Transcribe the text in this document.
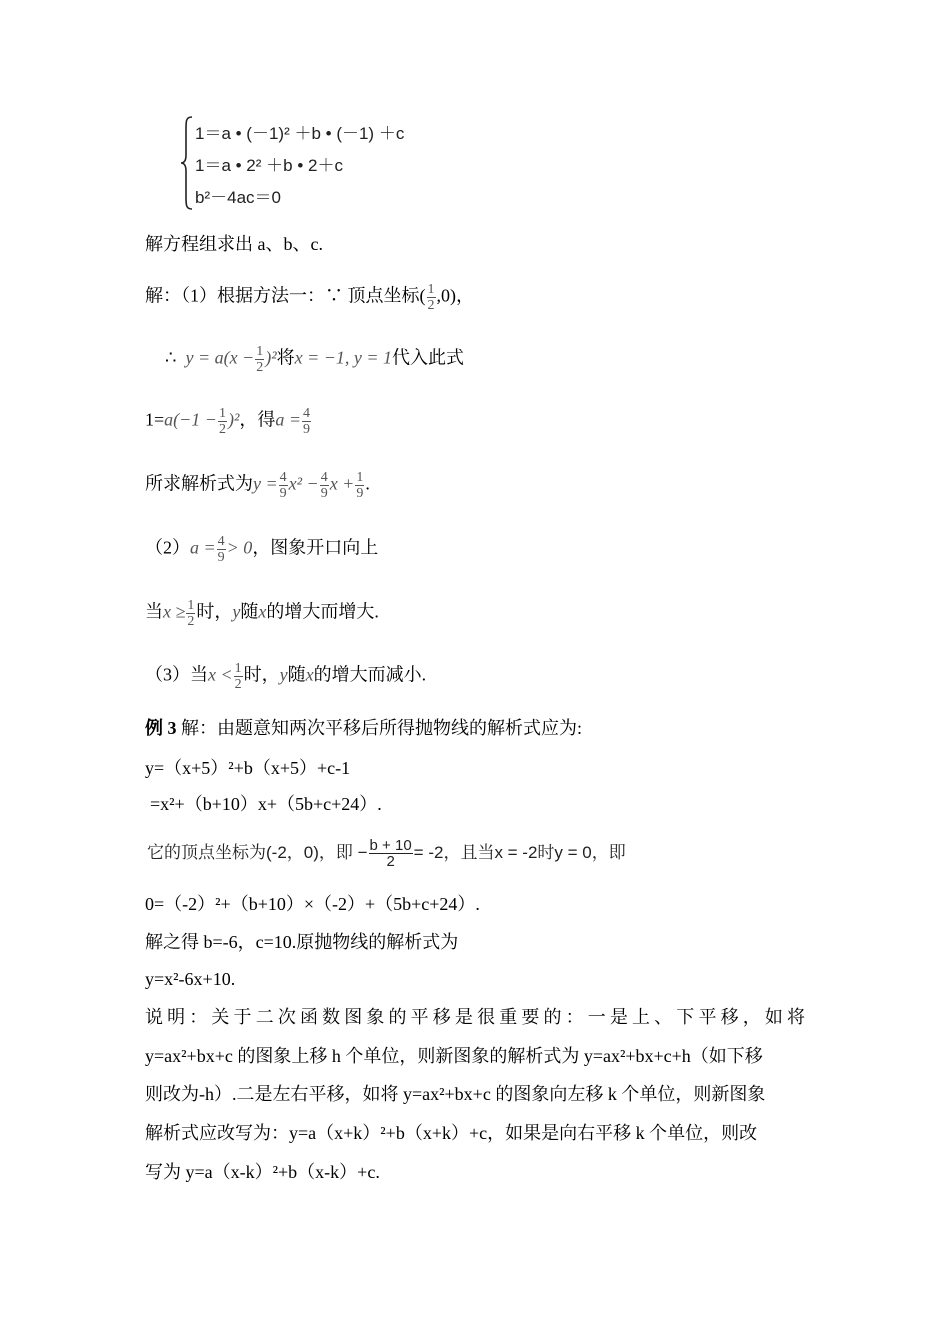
1＝a • (－1)² ＋b • (－1) ＋c
1＝a • 2² ＋b • 2＋c
b²－4ac＝0
解方程组求出 a、b、c.
解：（1）根据方法一：∵ 顶点坐标( $\frac{1}{2} ,0$)，
∴ $y = a(x - \frac{1}{2} )^2$将x = −1, y = 1代入此式
$1=a(-1 - \frac{1}{2} )^2$，得$a = \frac{4}{9}$
所求解析式为$y = \frac{4}{9} x^2 - \frac{4}{9}$ $x + \frac{1}{9}$ .
$(2)a = \frac{4}{9} > 0$，图象开口向上
当$x \ge \frac{1}{2}$ 时，y随x的增大而增大.
（3）当$x < \frac{1}{2}$ 时，y随x的增大而减小.
例 3 解：由题意知两次平移后所得抛物线的解析式应为:
y=（x+5）²+b（x+5）+c-1
=x²+（b+10）x+（5b+c+24）.
它的顶点坐标为(-2，0)，即 − $\frac{b + 10}{2} = -2$，且当x = -2时y = 0，即
0=（-2）²+（b+10）×（-2）+（5b+c+24）.
解之得 b=-6，c=10.原抛物线的解析式为
y=x²-6x+10.
说明：关于二次函数图象的平移是很重要的：一是上、下平移，如将
y=ax²+bx+c 的图象上移 h 个单位，则新图象的解析式为 y=ax²+bx+c+h（如下移
则改为-h）.二是左右平移，如将 y=ax²+bx+c 的图象向左移 k 个单位，则新图象
解析式应改写为：y=a（x+k）²+b（x+k）+c，如果是向右平移 k 个单位，则改
写为 y=a（x-k）²+b（x-k）+c.
